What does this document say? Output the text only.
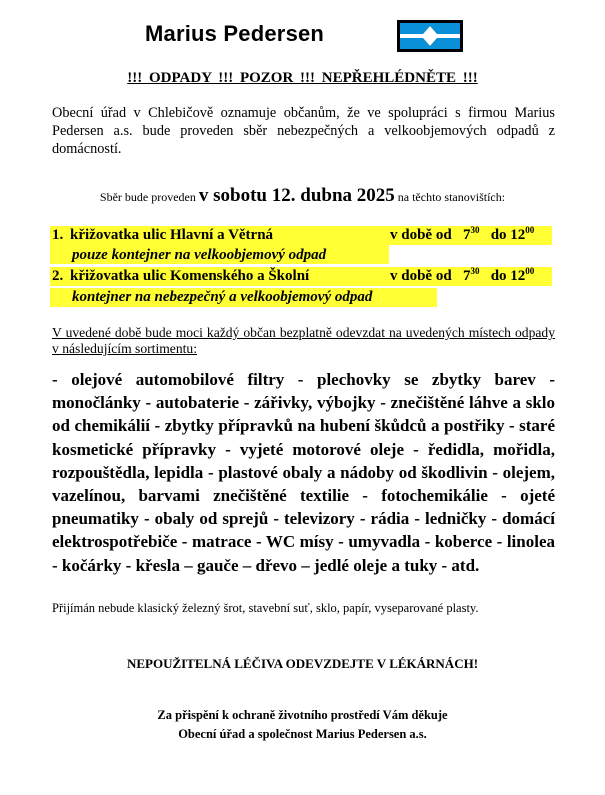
Marius Pedersen
!!! ODPADY !!! POZOR !!! NEPŘEHLÉDNĚTE !!!
Obecní úřad v Chlebičově oznamuje občanům, že ve spolupráci s firmou Marius Pedersen a.s. bude proveden sběr nebezpečných a velkoobjemových odpadů z domácností.
Sběr bude proveden v sobotu 12. dubna 2025 na těchto stanovištích:
1. křižovatka ulic Hlavní a Větrná	v době od $7^{30}$ do $12^{00}$
pouze kontejner na velkoobjemový odpad
2. křižovatka ulic Komenského a Školní	v době od $7^{30}$ do $12^{00}$
kontejner na nebezpečný a velkoobjemový odpad
V uvedené době bude moci každý občan bezplatně odevzdat na uvedených místech odpady v následujícím sortimentu:
- olejové automobilové filtry - plechovky se zbytky barev - monočlánky - autobaterie - zářivky, výbojky - znečištěné láhve a sklo od chemikálií - zbytky přípravků na hubení škůdců a postřiky - staré kosmetické přípravky - vyjeté motorové oleje - ředidla, mořidla, rozpouštědla, lepidla - plastové obaly a nádoby od škodlivin - olejem, vazelínou, barvami znečištěné textilie - fotochemikálie - ojeté pneumatiky - obaly od sprejů - televizory - rádia - ledničky - domácí elektrospotřebiče - matrace - WC mísy - umyvadla - koberce - linolea - kočárky - křesla – gauče – dřevo – jedlé oleje a tuky - atd.
Přijímán nebude klasický železný šrot, stavební suť, sklo, papír, vyseparované plasty.
NEPOUŽITELNÁ LÉČIVA ODEVZDEJTE V LÉKÁRNÁCH!
Za přispění k ochraně životního prostředí Vám děkuje
Obecní úřad a společnost Marius Pedersen a.s.
